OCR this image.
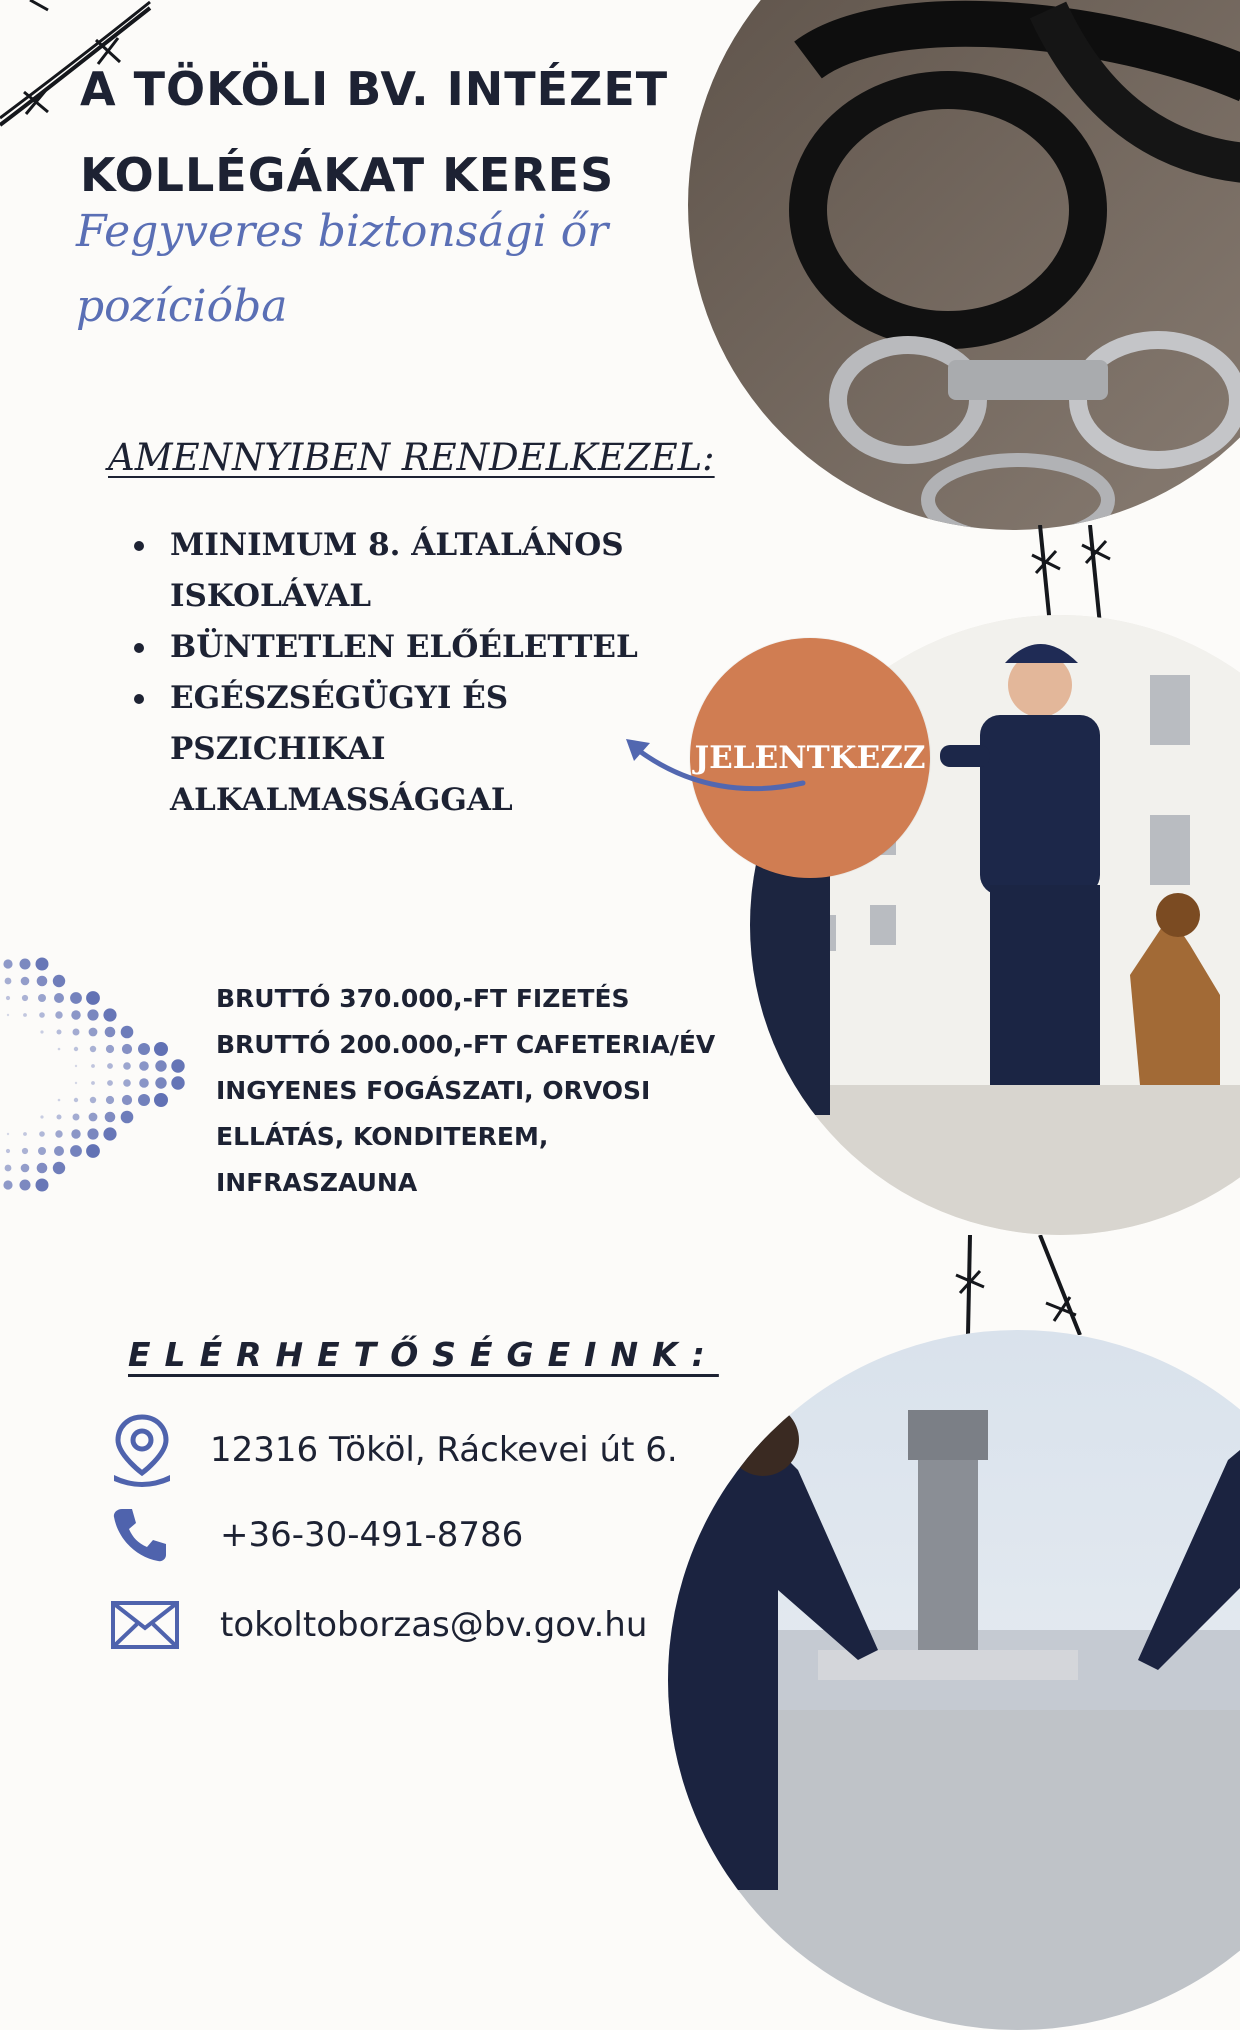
A TÖKÖLI BV. INTÉZET
KOLLÉGÁKAT KERES
Fegyveres biztonsági őr
pozícióba
JELENTKEZZ
AMENNYIBEN RENDELKEZEL:
MINIMUM 8. ÁLTALÁNOS ISKOLÁVAL
BÜNTETLEN ELŐÉLETTEL
EGÉSZSÉGÜGYI ÉS PSZICHIKAI ALKALMASSÁGGAL
BRUTTÓ 370.000,-FT FIZETÉS
BRUTTÓ 200.000,-FT CAFETERIA/ÉV
INGYENES FOGÁSZATI, ORVOSI
ELLÁTÁS, KONDITEREM,
INFRASZAUNA
ELÉRHETŐSÉGEINK:
12316 Tököl, Ráckevei út 6.
+36-30-491-8786
tokoltoborzas@bv.gov.hu
